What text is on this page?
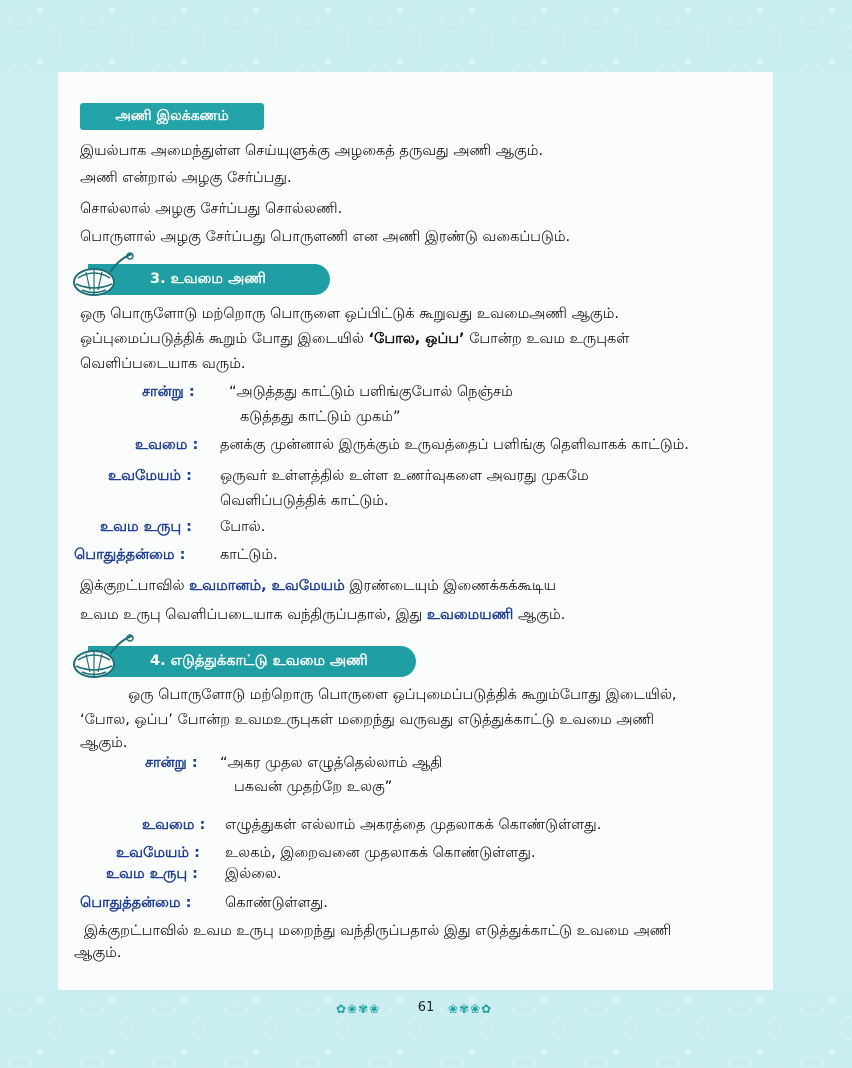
அணி இலக்கணம்
இயல்பாக அமைந்துள்ள செய்யுளுக்கு அழகைத் தருவது அணி ஆகும்.
அணி என்றால் அழகு சேர்ப்பது.
சொல்லால் அழகு சேர்ப்பது சொல்லணி.
பொருளால் அழகு சேர்ப்பது பொருளணி என அணி இரண்டு வகைப்படும்.
3. உவமை அணி
ஒரு பொருளோடு மற்றொரு பொருளை ஒப்பிட்டுக் கூறுவது உவமைஅணி ஆகும்.
ஒப்புமைப்படுத்திக் கூறும் போது இடையில் ‘போல, ஒப்ப’ போன்ற உவம உருபுகள்
வெளிப்படையாக வரும்.
சான்று : “அடுத்தது காட்டும் பளிங்குபோல் நெஞ்சம்
கடுத்தது காட்டும் முகம்”
உவமை : தனக்கு முன்னால் இருக்கும் உருவத்தைப் பளிங்கு தெளிவாகக் காட்டும்.
உவமேயம் : ஒருவர் உள்ளத்தில் உள்ள உணர்வுகளை அவரது முகமே
வெளிப்படுத்திக் காட்டும்.
உவம உருபு : போல்.
பொதுத்தன்மை : காட்டும்.
இக்குறட்பாவில் உவமானம், உவமேயம் இரண்டையும் இணைக்கக்கூடிய
உவம உருபு வெளிப்படையாக வந்திருப்பதால், இது உவமையணி ஆகும்.
4. எடுத்துக்காட்டு உவமை அணி
ஒரு பொருளோடு மற்றொரு பொருளை ஒப்புமைப்படுத்திக் கூறும்போது இடையில்,
‘போல, ஒப்ப’ போன்ற உவமஉருபுகள் மறைந்து வருவது எடுத்துக்காட்டு உவமை அணி
ஆகும்.
சான்று : “அகர முதல எழுத்தெல்லாம் ஆதி
பகவன் முதற்றே உலகு”
உவமை : எழுத்துகள் எல்லாம் அகரத்தை முதலாகக் கொண்டுள்ளது.
உவமேயம் : உலகம், இறைவனை முதலாகக் கொண்டுள்ளது.
உவம உருபு : இல்லை.
பொதுத்தன்மை : கொண்டுள்ளது.
இக்குறட்பாவில் உவம உருபு மறைந்து வந்திருப்பதால் இது எடுத்துக்காட்டு உவமை அணி
ஆகும்.
✿❀✾❀	61	❀✾❀✿
